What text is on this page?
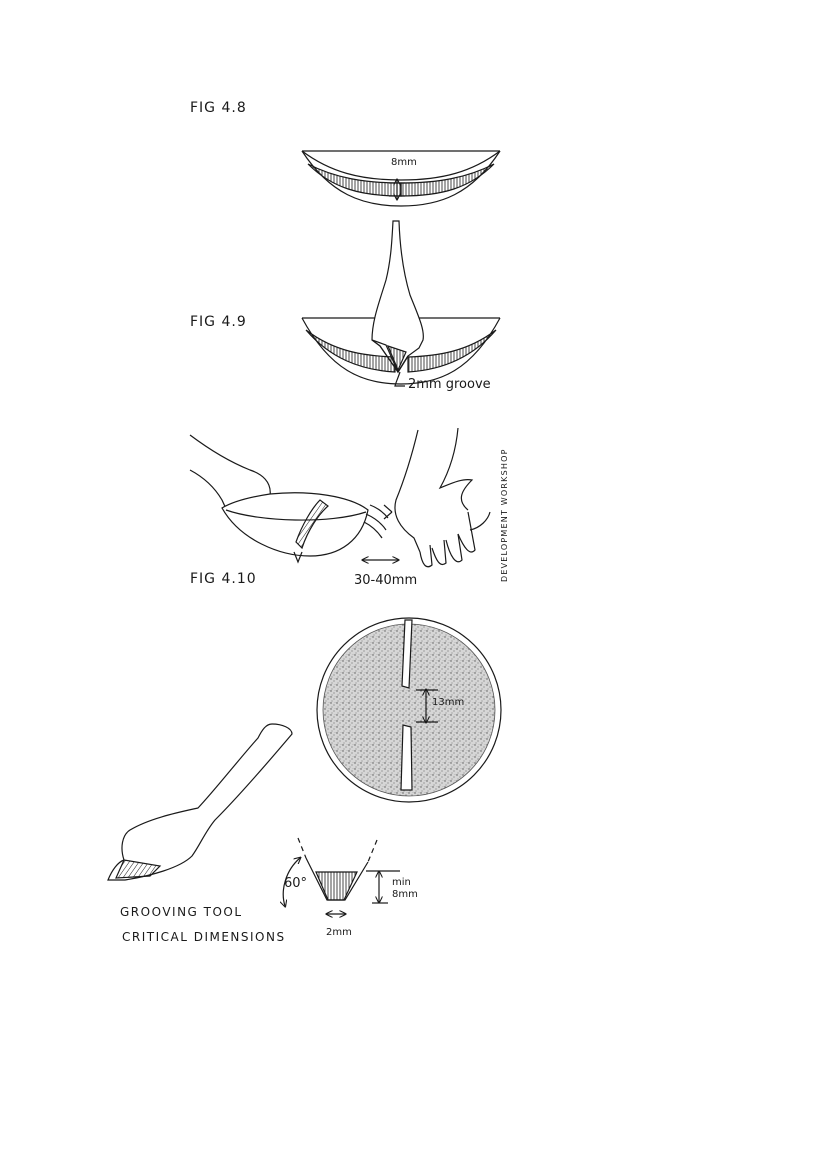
FIG 4.8
8mm
FIG 4.9
2mm groove
FIG 4.10	30-40mm	DEVELOPMENT WORKSHOP
13mm
GROOVING TOOL
CRITICAL DIMENSIONS
60°	min
8mm
2mm
